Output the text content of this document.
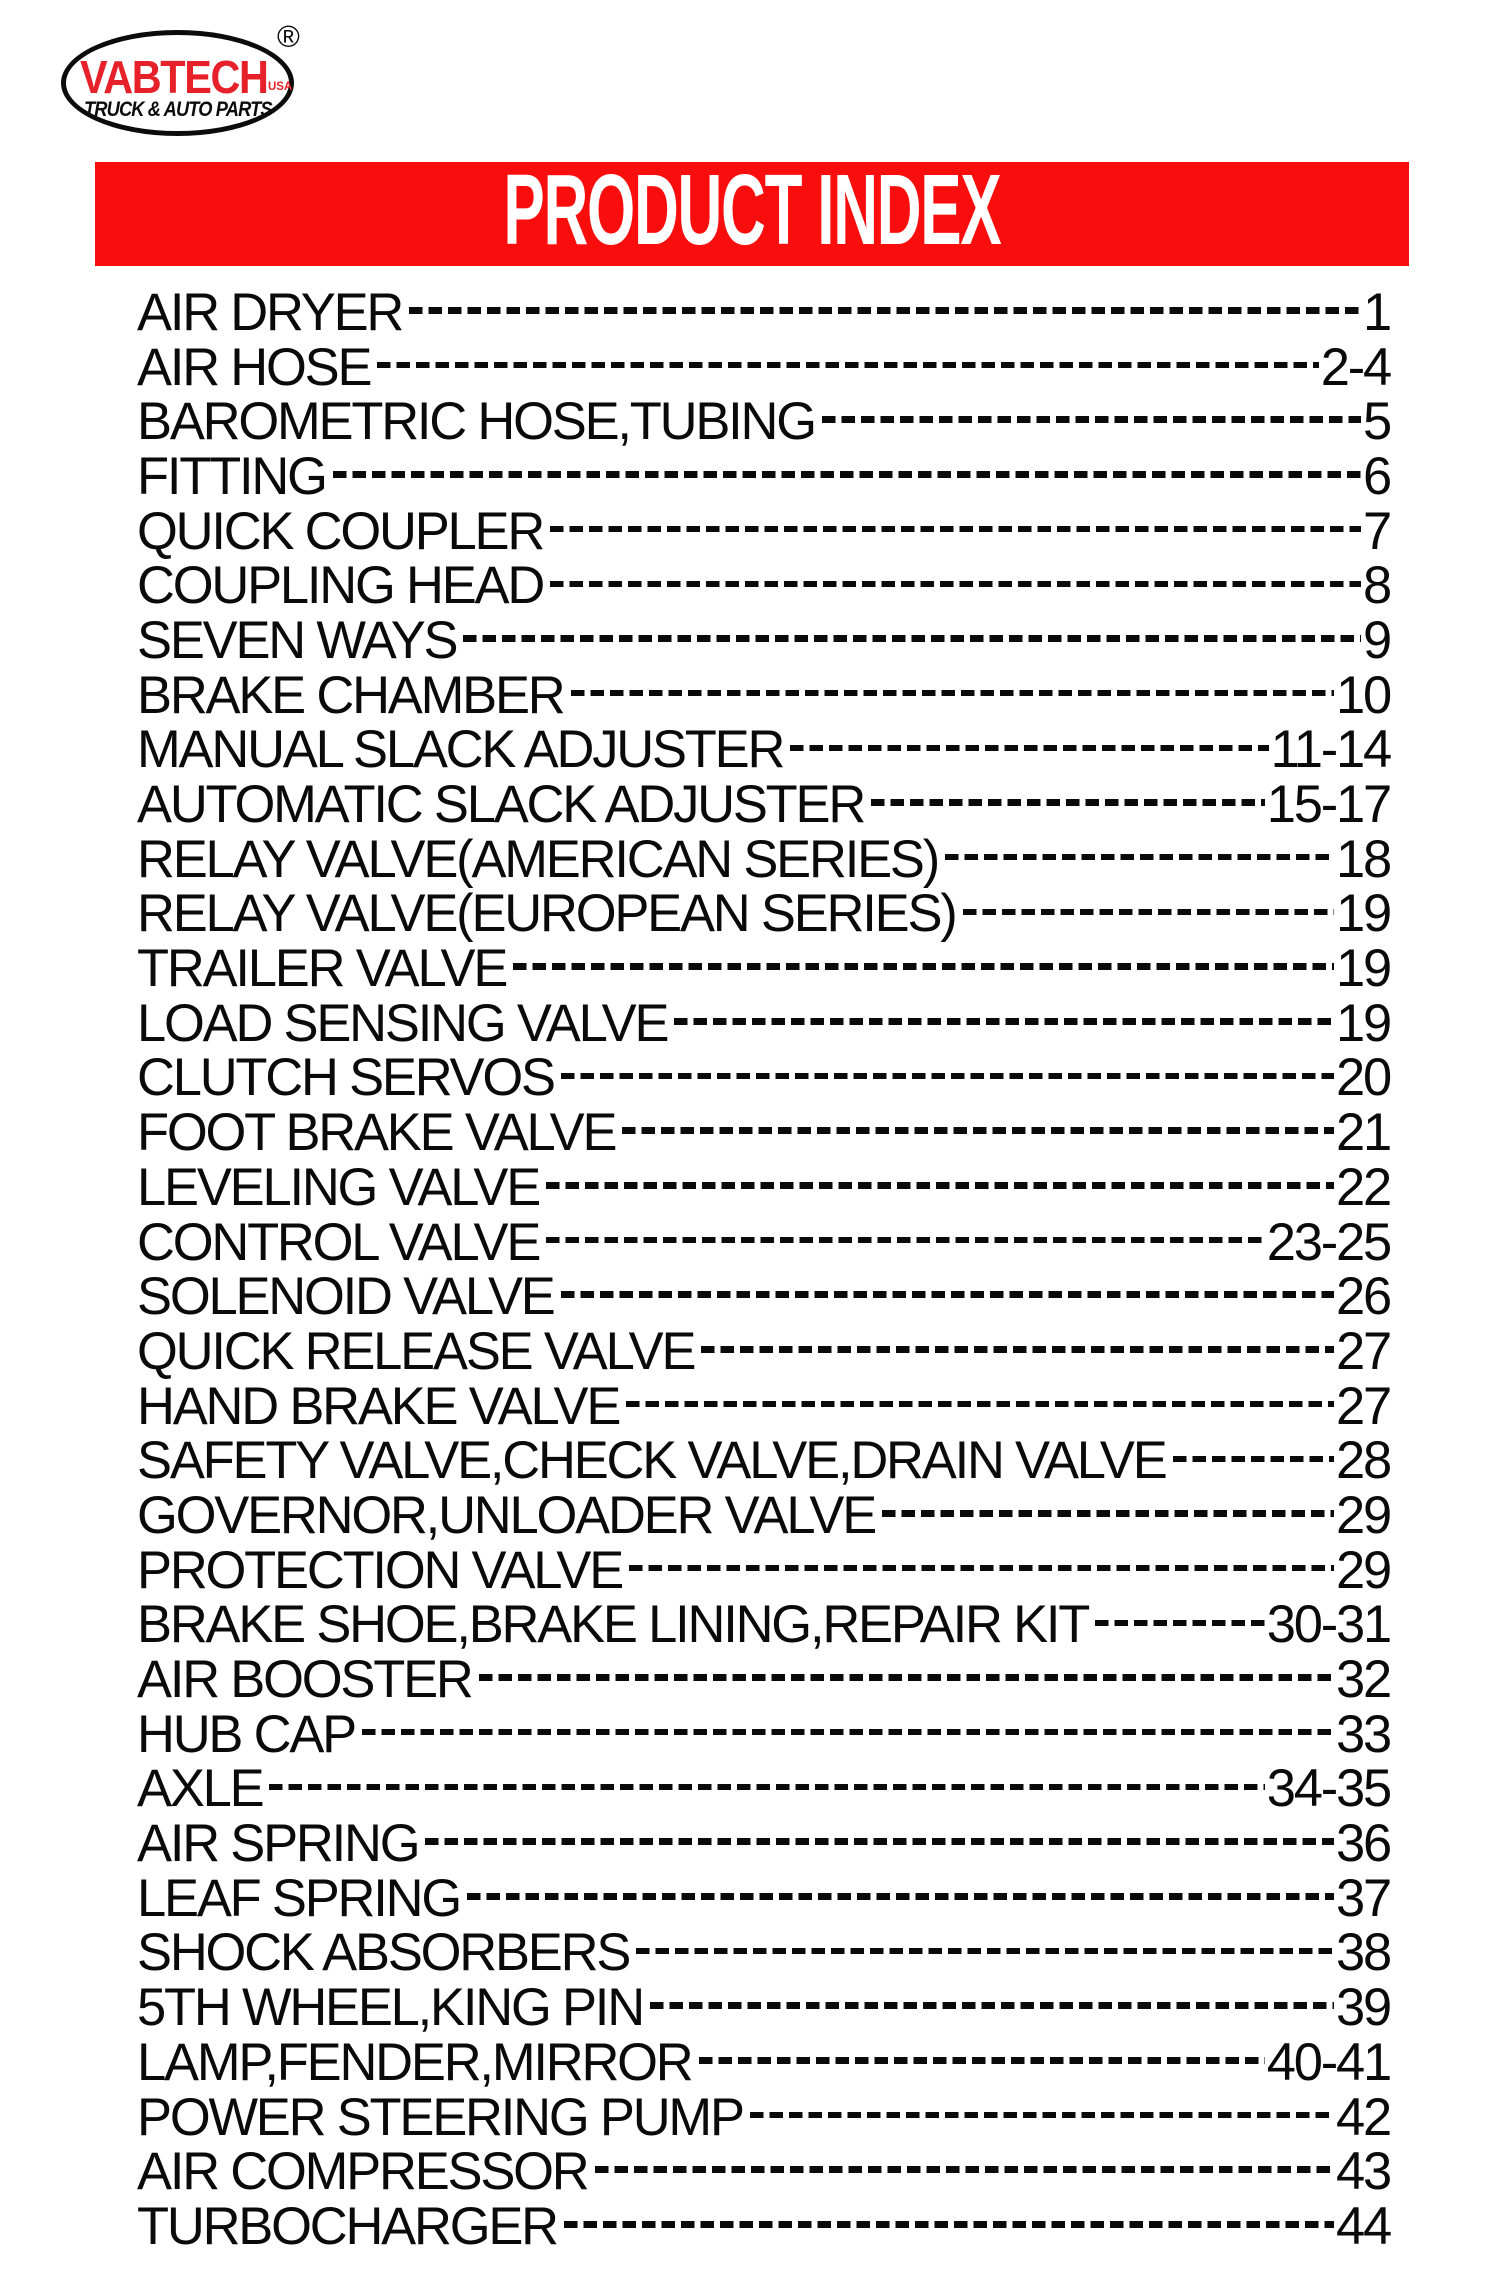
®
VABTECH USA
TRUCK & AUTO PARTS
PRODUCT INDEX
AIR DRYER	1
AIR HOSE	2-4
BAROMETRIC HOSE,TUBING	5
FITTING	6
QUICK COUPLER	7
COUPLING HEAD	8
SEVEN WAYS	9
BRAKE CHAMBER	10
MANUAL SLACK ADJUSTER	11-14
AUTOMATIC SLACK ADJUSTER	15-17
RELAY VALVE(AMERICAN SERIES)	18
RELAY VALVE(EUROPEAN SERIES)	19
TRAILER VALVE	19
LOAD SENSING VALVE	19
CLUTCH SERVOS	20
FOOT BRAKE VALVE	21
LEVELING VALVE	22
CONTROL VALVE	23-25
SOLENOID VALVE	26
QUICK RELEASE VALVE	27
HAND BRAKE VALVE	27
SAFETY VALVE,CHECK VALVE,DRAIN VALVE	28
GOVERNOR,UNLOADER VALVE	29
PROTECTION VALVE	29
BRAKE SHOE,BRAKE LINING,REPAIR KIT	30-31
AIR BOOSTER	32
HUB CAP	33
AXLE	34-35
AIR SPRING	36
LEAF SPRING	37
SHOCK ABSORBERS	38
5TH WHEEL,KING PIN	39
LAMP,FENDER,MIRROR	40-41
POWER STEERING PUMP	42
AIR COMPRESSOR	43
TURBOCHARGER	44
